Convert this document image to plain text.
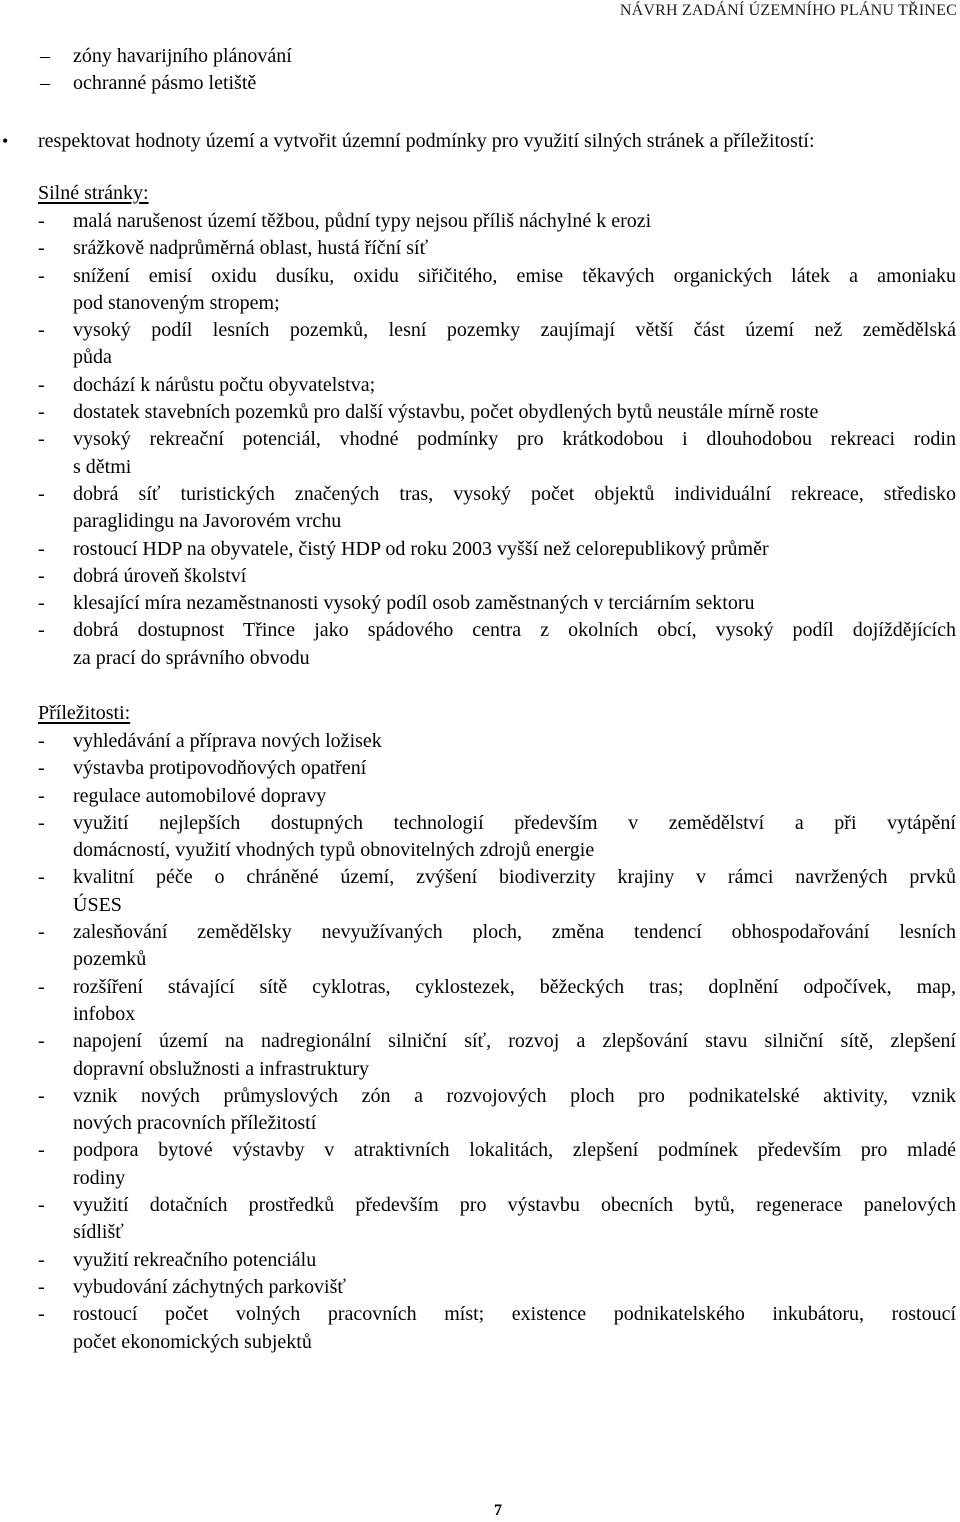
NÁVRH ZADÁNÍ ÚZEMNÍHO PLÁNU TŘINEC
– zóny havarijního plánování
– ochranné pásmo letiště
• respektovat hodnoty území a vytvořit územní podmínky pro využití silných stránek a příležitostí:
Silné stránky:
- malá narušenost území těžbou, půdní typy nejsou příliš náchylné k erozi
- srážkově nadprůměrná oblast, hustá říční síť
- snížení emisí oxidu dusíku, oxidu siřičitého, emise těkavých organických látek a amoniaku
pod stanoveným stropem;
- vysoký podíl lesních pozemků, lesní pozemky zaujímají větší část území než zemědělská
půda
- dochází k nárůstu počtu obyvatelstva;
- dostatek stavebních pozemků pro další výstavbu, počet obydlených bytů neustále mírně roste
- vysoký rekreační potenciál, vhodné podmínky pro krátkodobou i dlouhodobou rekreaci rodin
s dětmi
- dobrá síť turistických značených tras, vysoký počet objektů individuální rekreace, středisko
paraglidingu na Javorovém vrchu
- rostoucí HDP na obyvatele, čistý HDP od roku 2003 vyšší než celorepublikový průměr
- dobrá úroveň školství
- klesající míra nezaměstnanosti vysoký podíl osob zaměstnaných v terciárním sektoru
- dobrá dostupnost Třince jako spádového centra z okolních obcí, vysoký podíl dojíždějících
za prací do správního obvodu
Příležitosti:
- vyhledávání a příprava nových ložisek
- výstavba protipovodňových opatření
- regulace automobilové dopravy
- využití nejlepších dostupných technologií především v zemědělství a při vytápění
domácností, využití vhodných typů obnovitelných zdrojů energie
- kvalitní péče o chráněné území, zvýšení biodiverzity krajiny v rámci navržených prvků
ÚSES
- zalesňování zemědělsky nevyužívaných ploch, změna tendencí obhospodařování lesních
pozemků
- rozšíření stávající sítě cyklotras, cyklostezek, běžeckých tras; doplnění odpočívek, map,
infobox
- napojení území na nadregionální silniční síť, rozvoj a zlepšování stavu silniční sítě, zlepšení
dopravní obslužnosti a infrastruktury
- vznik nových průmyslových zón a rozvojových ploch pro podnikatelské aktivity, vznik
nových pracovních příležitostí
- podpora bytové výstavby v atraktivních lokalitách, zlepšení podmínek především pro mladé
rodiny
- využití dotačních prostředků především pro výstavbu obecních bytů, regenerace panelových
sídlišť
- využití rekreačního potenciálu
- vybudování záchytných parkovišť
- rostoucí počet volných pracovních míst; existence podnikatelského inkubátoru, rostoucí
počet ekonomických subjektů
7
